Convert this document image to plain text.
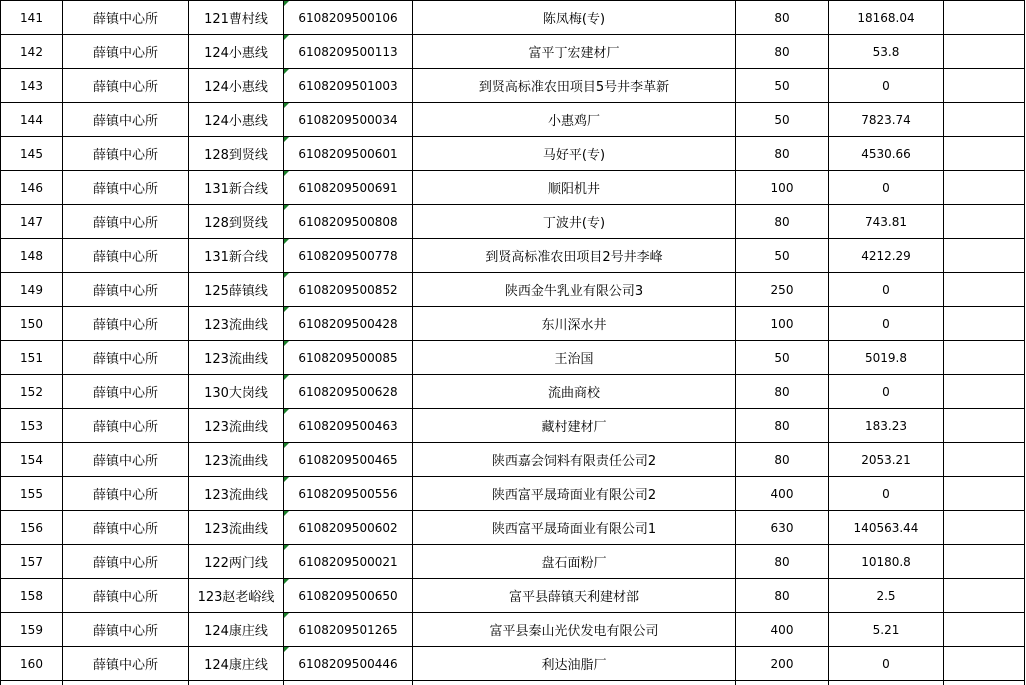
141	薛镇中心所	121曹村线	6108209500106	陈凤梅(专)	80	18168.04	
142	薛镇中心所	124小惠线	6108209500113	富平丁宏建材厂	80	53.8	
143	薛镇中心所	124小惠线	6108209501003	到贤高标准农田项目5号井李革新	50	0	
144	薛镇中心所	124小惠线	6108209500034	小惠鸡厂	50	7823.74	
145	薛镇中心所	128到贤线	6108209500601	马好平(专)	80	4530.66	
146	薛镇中心所	131新合线	6108209500691	顺阳机井	100	0	
147	薛镇中心所	128到贤线	6108209500808	丁波井(专)	80	743.81	
148	薛镇中心所	131新合线	6108209500778	到贤高标准农田项目2号井李峰	50	4212.29	
149	薛镇中心所	125薛镇线	6108209500852	陕西金牛乳业有限公司3	250	0	
150	薛镇中心所	123流曲线	6108209500428	东川深水井	100	0	
151	薛镇中心所	123流曲线	6108209500085	王治国	50	5019.8	
152	薛镇中心所	130大岗线	6108209500628	流曲商校	80	0	
153	薛镇中心所	123流曲线	6108209500463	藏村建材厂	80	183.23	
154	薛镇中心所	123流曲线	6108209500465	陕西嘉会饲料有限责任公司2	80	2053.21	
155	薛镇中心所	123流曲线	6108209500556	陕西富平晟琦面业有限公司2	400	0	
156	薛镇中心所	123流曲线	6108209500602	陕西富平晟琦面业有限公司1	630	140563.44	
157	薛镇中心所	122两门线	6108209500021	盘石面粉厂	80	10180.8	
158	薛镇中心所	123赵老峪线	6108209500650	富平县薛镇天利建材部	80	2.5	
159	薛镇中心所	124康庄线	6108209501265	富平县秦山光伏发电有限公司	400	5.21	
160	薛镇中心所	124康庄线	6108209500446	利达油脂厂	200	0	
